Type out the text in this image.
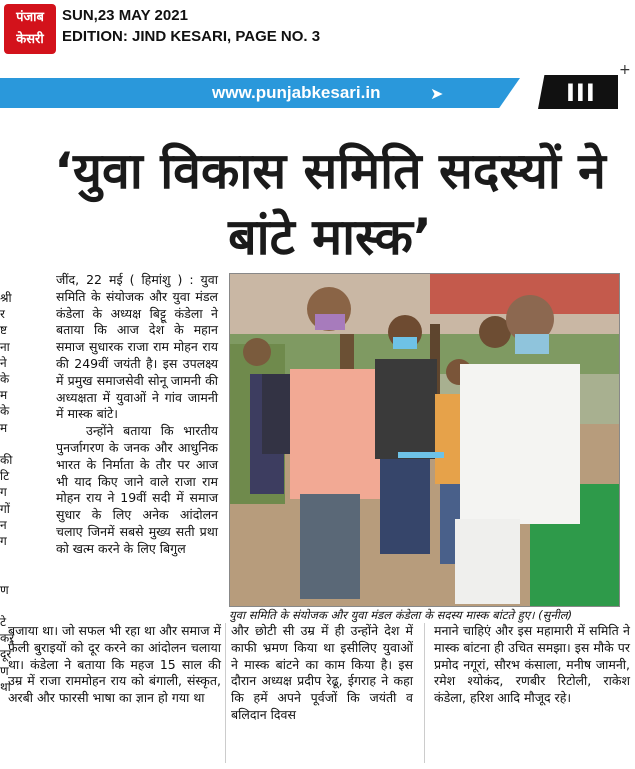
पंजाब
केसरी
SUN,23 MAY 2021
EDITION: JIND KESARI, PAGE NO. 3
www.punjabkesari.in	➤	III
+
‘युवा विकास समिति सदस्यों ने बांटे मास्क’
श्री
र
ष्ट
ना
ने
के
म
के
म

की
टि
ग
गों
न
ग

ण

टे
कर
दूर
ण
था

जींद, 22 मई ( हिमांशु ) : युवा समिति के संयोजक और युवा मंडल कंडेला के अध्यक्ष बिट्टू कंडेला ने बताया कि आज देश के महान समाज सुधारक राजा राम मोहन राय की 249वीं जयंती है। इस उपलक्ष्य में प्रमुख समाजसेवी सोनू जामनी की अध्यक्षता में युवाओं ने गांव जामनी में मास्क बांटे।

उन्होंने बताया कि भारतीय पुनर्जागरण के जनक और आधुनिक भारत के निर्माता के तौर पर आज भी याद किए जाने वाले राजा राम मोहन राय ने 19वीं सदी में समाज सुधार के लिए अनेक आंदोलन चलाए जिनमें सबसे मुख्य सती प्रथा को खत्म करने के लिए बिगुल

युवा समिति के संयोजक और युवा मंडल कंडेला के सदस्य मास्क बांटते हुए। (सुनील)
बजाया था। जो सफल भी रहा था और समाज में फैली बुराइयों को दूर करने का आंदोलन चलाया था। कंडेला ने बताया कि महज 15 साल की उम्र में राजा राममोहन राय को बंगाली, संस्कृत, अरबी और फारसी भाषा का ज्ञान हो गया था
और छोटी सी उम्र में ही उन्होंने देश में काफी भ्रमण किया था इसीलिए युवाओं ने मास्क बांटने का काम किया है। इस दौरान अध्यक्ष प्रदीप रेढू, ईगराह ने कहा कि हमें अपने पूर्वजों कि जयंती व बलिदान दिवस
मनाने चाहिएं और इस महामारी में समिति ने मास्क बांटना ही उचित समझा। इस मौके पर प्रमोद नगूरां, सौरभ कंसाला, मनीष जामनी, रमेश श्योकंद, रणबीर रिटोली, राकेश कंडेला, हरिश आदि मौजूद रहे।
